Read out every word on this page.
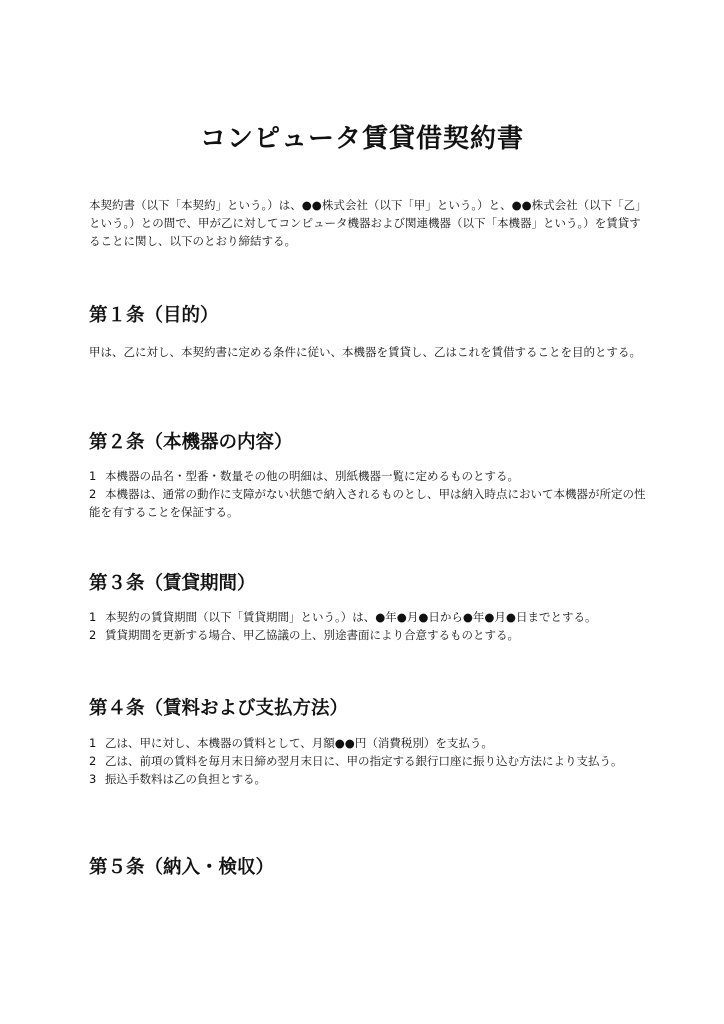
コンピュータ賃貸借契約書

本契約書（以下「本契約」という。）は、●●株式会社（以下「甲」という。）と、●●株式会社（以下「乙」という。）との間で、甲が乙に対してコンピュータ機器および関連機器（以下「本機器」という。）を賃貸することに関し、以下のとおり締結する。

第１条（目的）

甲は、乙に対し、本契約書に定める条件に従い、本機器を賃貸し、乙はこれを賃借することを目的とする。

第２条（本機器の内容）
1 本機器の品名・型番・数量その他の明細は、別紙機器一覧に定めるものとする。
2 本機器は、通常の動作に支障がない状態で納入されるものとし、甲は納入時点において本機器が所定の性能を有することを保証する。
第３条（賃貸期間）
1 本契約の賃貸期間（以下「賃貸期間」という。）は、●年●月●日から●年●月●日までとする。
2 賃貸期間を更新する場合、甲乙協議の上、別途書面により合意するものとする。
第４条（賃料および支払方法）
1 乙は、甲に対し、本機器の賃料として、月額●●円（消費税別）を支払う。
2 乙は、前項の賃料を毎月末日締め翌月末日に、甲の指定する銀行口座に振り込む方法により支払う。
3 振込手数料は乙の負担とする。
第５条（納入・検収）
